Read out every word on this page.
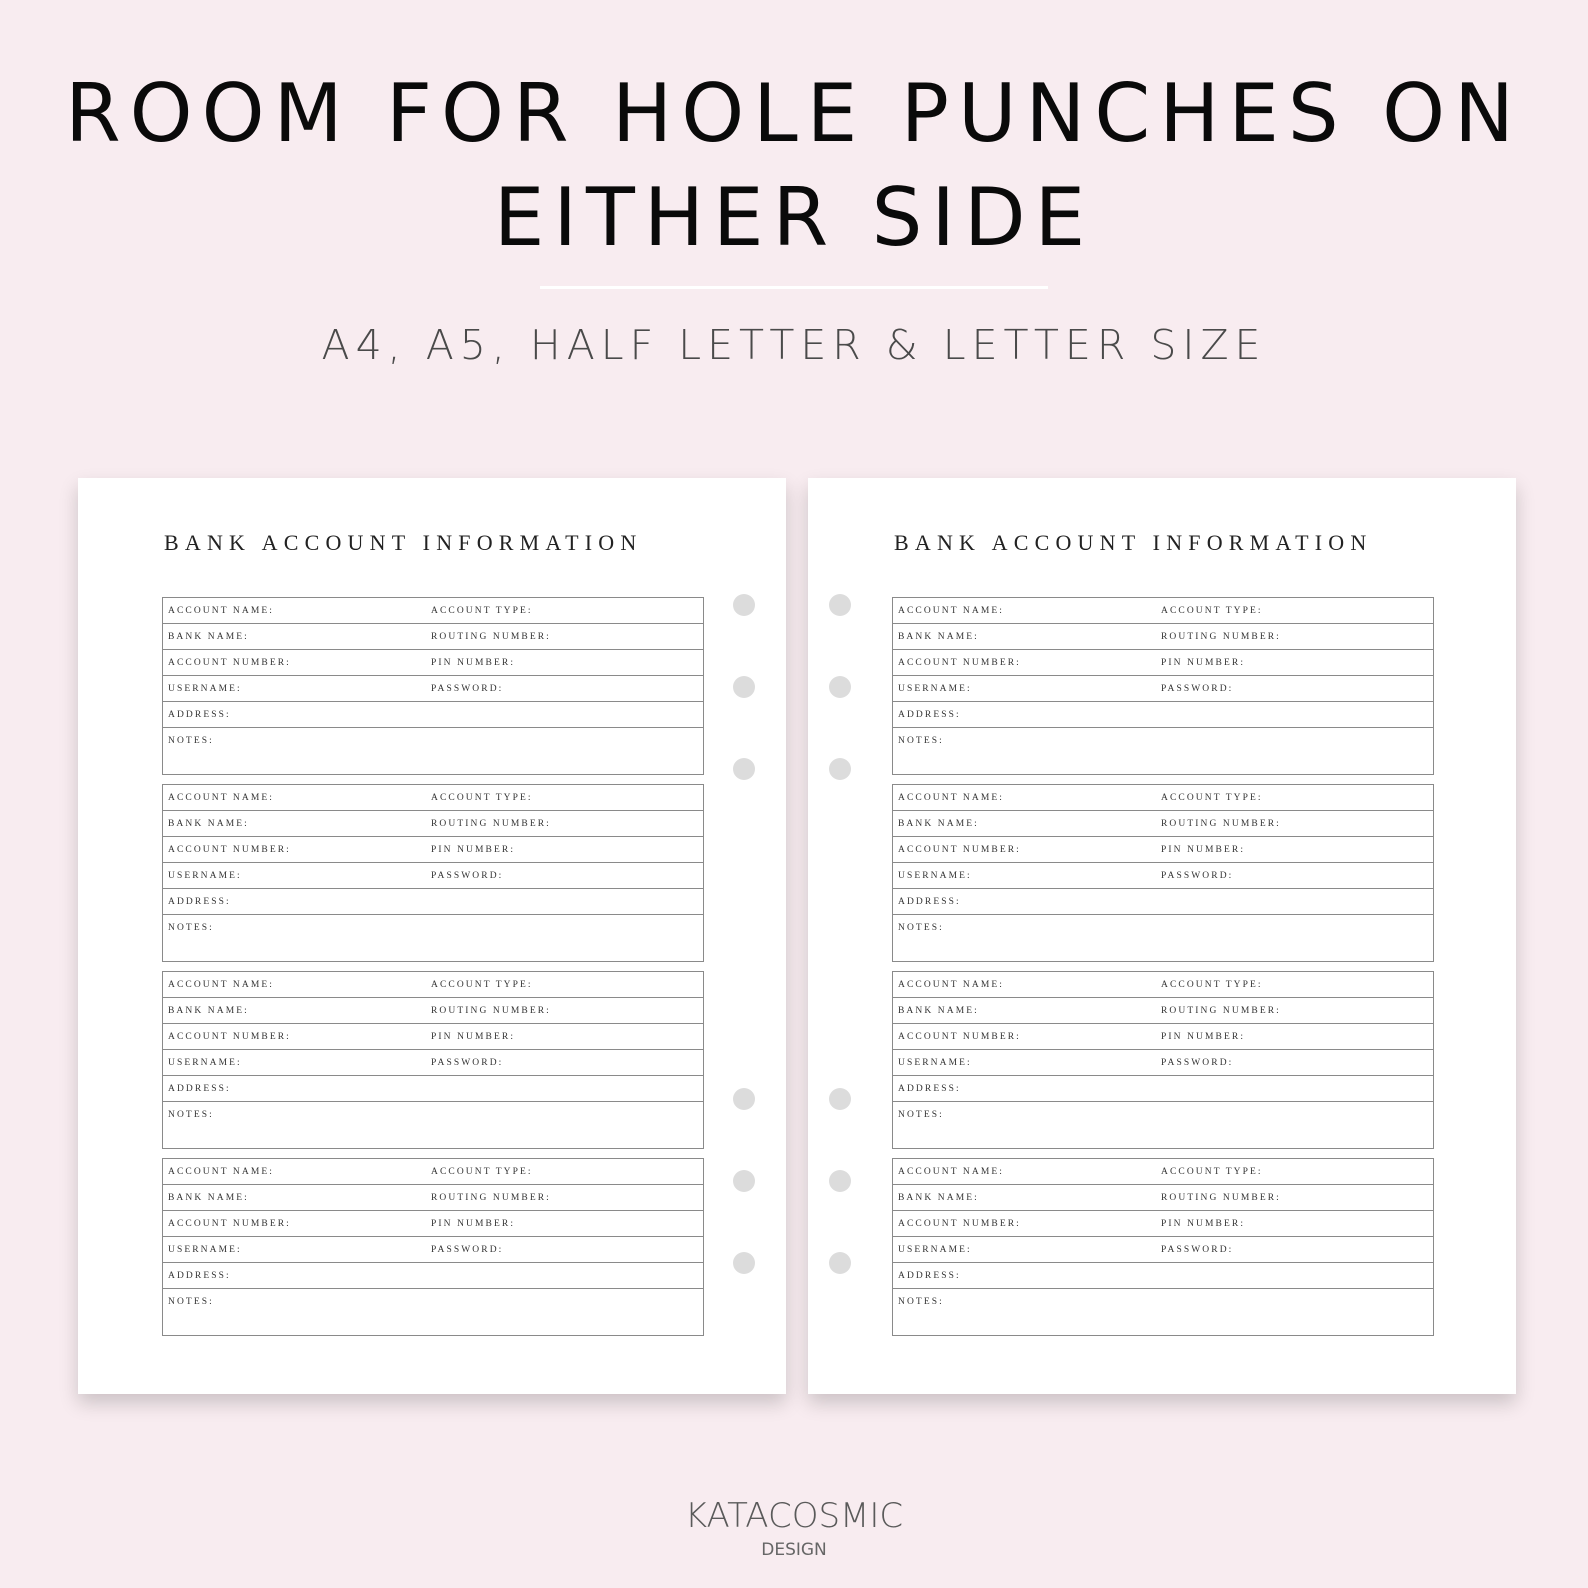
ROOM FOR HOLE PUNCHES ON
EITHER SIDE
A4, A5, HALF LETTER & LETTER SIZE
BANK ACCOUNT INFORMATION
ACCOUNT NAME:	ACCOUNT TYPE:
BANK NAME:	ROUTING NUMBER:
ACCOUNT NUMBER:	PIN NUMBER:
USERNAME:	PASSWORD:
ADDRESS:
NOTES:
ACCOUNT NAME:	ACCOUNT TYPE:
BANK NAME:	ROUTING NUMBER:
ACCOUNT NUMBER:	PIN NUMBER:
USERNAME:	PASSWORD:
ADDRESS:
NOTES:
ACCOUNT NAME:	ACCOUNT TYPE:
BANK NAME:	ROUTING NUMBER:
ACCOUNT NUMBER:	PIN NUMBER:
USERNAME:	PASSWORD:
ADDRESS:
NOTES:
ACCOUNT NAME:	ACCOUNT TYPE:
BANK NAME:	ROUTING NUMBER:
ACCOUNT NUMBER:	PIN NUMBER:
USERNAME:	PASSWORD:
ADDRESS:
NOTES:
BANK ACCOUNT INFORMATION
ACCOUNT NAME:	ACCOUNT TYPE:
BANK NAME:	ROUTING NUMBER:
ACCOUNT NUMBER:	PIN NUMBER:
USERNAME:	PASSWORD:
ADDRESS:
NOTES:
ACCOUNT NAME:	ACCOUNT TYPE:
BANK NAME:	ROUTING NUMBER:
ACCOUNT NUMBER:	PIN NUMBER:
USERNAME:	PASSWORD:
ADDRESS:
NOTES:
ACCOUNT NAME:	ACCOUNT TYPE:
BANK NAME:	ROUTING NUMBER:
ACCOUNT NUMBER:	PIN NUMBER:
USERNAME:	PASSWORD:
ADDRESS:
NOTES:
ACCOUNT NAME:	ACCOUNT TYPE:
BANK NAME:	ROUTING NUMBER:
ACCOUNT NUMBER:	PIN NUMBER:
USERNAME:	PASSWORD:
ADDRESS:
NOTES:
KATACOSMIC
DESIGN
